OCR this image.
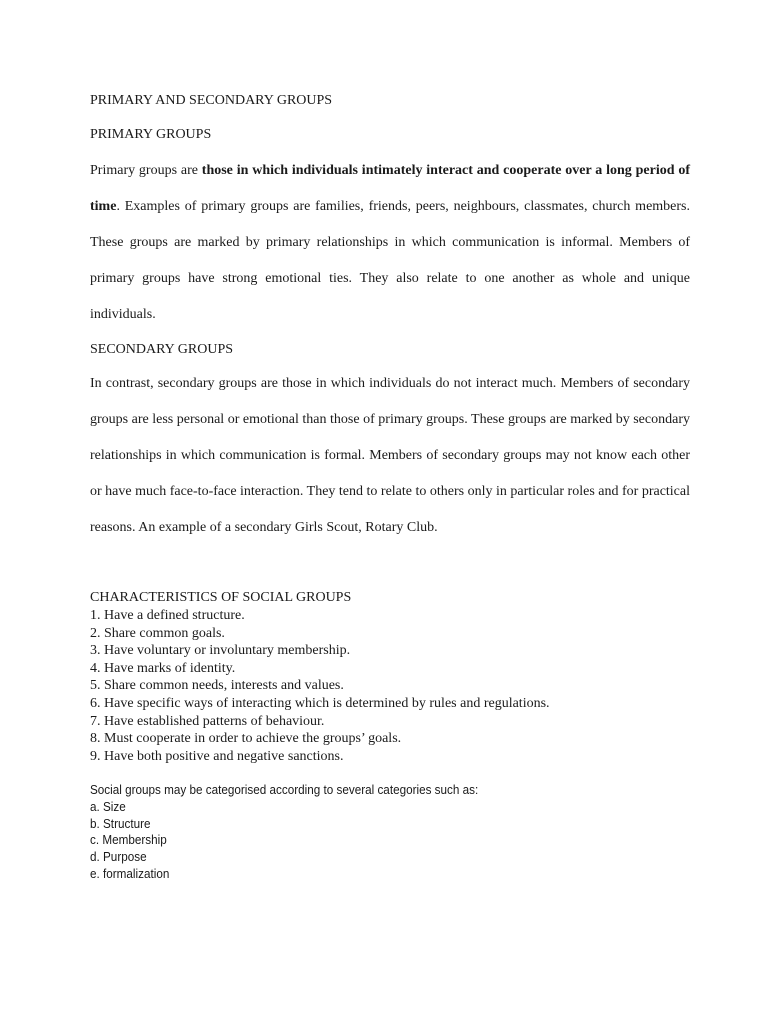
PRIMARY AND SECONDARY GROUPS
PRIMARY GROUPS
Primary groups are those in which individuals intimately interact and cooperate over a long period of time. Examples of primary groups are families, friends, peers, neighbours, classmates, church members. These groups are marked by primary relationships in which communication is informal. Members of primary groups have strong emotional ties. They also relate to one another as whole and unique individuals.
SECONDARY GROUPS
In contrast, secondary groups are those in which individuals do not interact much. Members of secondary groups are less personal or emotional than those of primary groups. These groups are marked by secondary relationships in which communication is formal. Members of secondary groups may not know each other or have much face-to-face interaction. They tend to relate to others only in particular roles and for practical reasons. An example of a secondary Girls Scout, Rotary Club.
CHARACTERISTICS OF SOCIAL GROUPS
1. Have a defined structure.
2. Share common goals.
3. Have voluntary or involuntary membership.
4. Have marks of identity.
5. Share common needs, interests and values.
6. Have specific ways of interacting which is determined by rules and regulations.
7. Have established patterns of behaviour.
8. Must cooperate in order to achieve the groups’ goals.
9. Have both positive and negative sanctions.
Social groups may be categorised according to several categories such as:
a. Size
b. Structure
c. Membership
d. Purpose
e. formalization
